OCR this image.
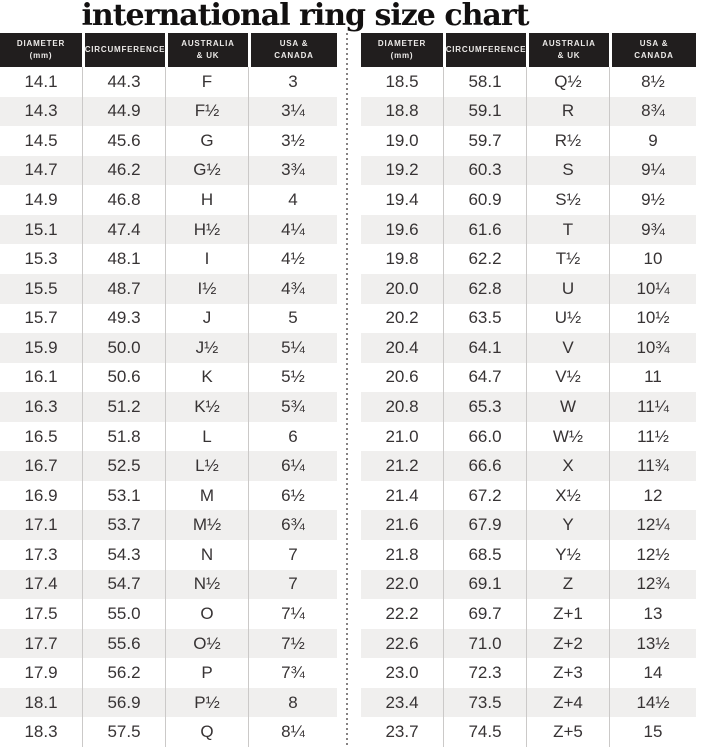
international ring size chart
DIAMETER
(mm)
CIRCUMFERENCE
AUSTRALIA
& UK
USA &
CANADA
14.1	44.3	F	3
14.3	44.9	F½	3¼
14.5	45.6	G	3½
14.7	46.2	G½	3¾
14.9	46.8	H	4
15.1	47.4	H½	4¼
15.3	48.1	I	4½
15.5	48.7	I½	4¾
15.7	49.3	J	5
15.9	50.0	J½	5¼
16.1	50.6	K	5½
16.3	51.2	K½	5¾
16.5	51.8	L	6
16.7	52.5	L½	6¼
16.9	53.1	M	6½
17.1	53.7	M½	6¾
17.3	54.3	N	7
17.4	54.7	N½	7
17.5	55.0	O	7¼
17.7	55.6	O½	7½
17.9	56.2	P	7¾
18.1	56.9	P½	8
18.3	57.5	Q	8¼
DIAMETER
(mm)
CIRCUMFERENCE
AUSTRALIA
& UK
USA &
CANADA
18.5	58.1	Q½	8½
18.8	59.1	R	8¾
19.0	59.7	R½	9
19.2	60.3	S	9¼
19.4	60.9	S½	9½
19.6	61.6	T	9¾
19.8	62.2	T½	10
20.0	62.8	U	10¼
20.2	63.5	U½	10½
20.4	64.1	V	10¾
20.6	64.7	V½	11
20.8	65.3	W	11¼
21.0	66.0	W½	11½
21.2	66.6	X	11¾
21.4	67.2	X½	12
21.6	67.9	Y	12¼
21.8	68.5	Y½	12½
22.0	69.1	Z	12¾
22.2	69.7	Z+1	13
22.6	71.0	Z+2	13½
23.0	72.3	Z+3	14
23.4	73.5	Z+4	14½
23.7	74.5	Z+5	15
